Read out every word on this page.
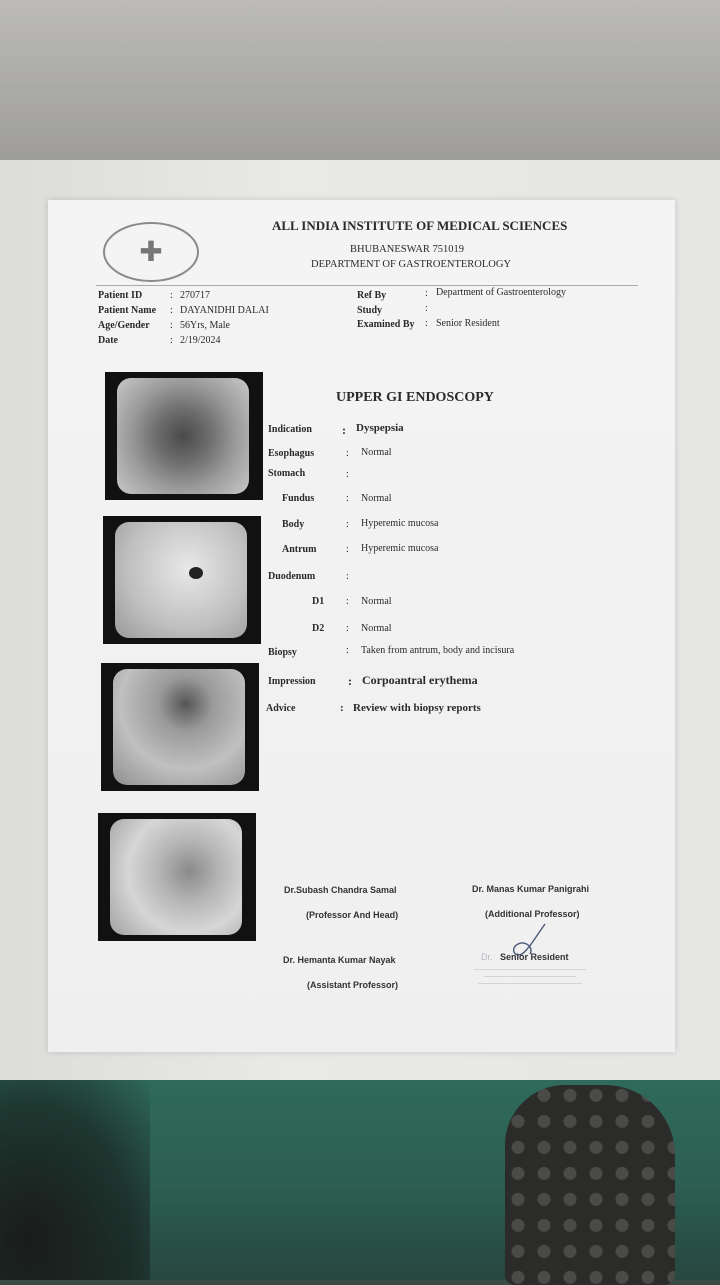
✚
ALL INDIA INSTITUTE OF MEDICAL SCIENCES
BHUBANESWAR 751019
DEPARTMENT OF GASTROENTEROLOGY
Patient ID	: 270717
Patient Name : DAYANIDHI DALAI
Age/Gender : 56Yrs, Male
Date	: 2/19/2024
Ref By	: Department of Gastroenterology
Study	:
Examined By : Senior Resident
UPPER GI ENDOSCOPY
Indication	: Dyspepsia
Esophagus	: Normal
Stomach	:
Fundus	: Normal
Body	: Hyperemic mucosa
Antrum	: Hyperemic mucosa
Duodenum	:
D1 : Normal
D2 : Normal
Biopsy	: Taken from antrum, body and incisura
Impression	: Corpoantral erythema
Advice	: Review with biopsy reports
Dr.Subash Chandra Samal
(Professor And Head)
Dr. Manas Kumar Panigrahi
(Additional Professor)
Dr. Hemanta Kumar Nayak
(Assistant Professor)
Dr. Senior Resident
